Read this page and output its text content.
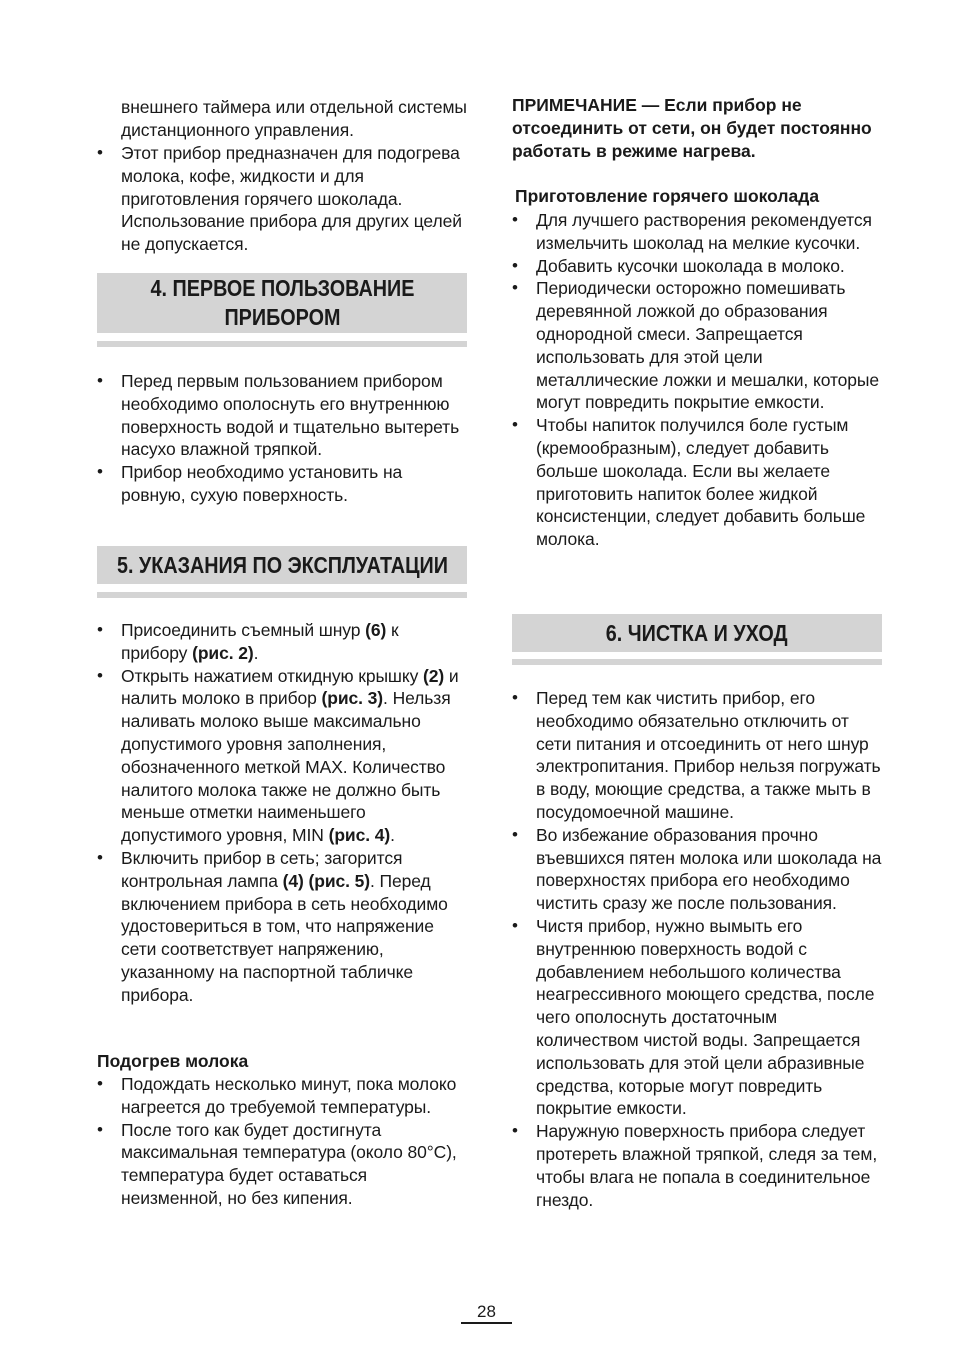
внешнего таймера или отдельной системы дистанционного управления.
• Этот прибор предназначен для подогрева молока, кофе, жидкости и для приготовления горячего шоколада. Использование прибора для других целей не допускается.
4. ПЕРВОЕ ПОЛЬЗОВАНИЕ
ПРИБОРОМ
• Перед первым пользованием прибором необходимо ополоснуть его внутреннюю поверхность водой и тщательно вытереть насухо влажной тряпкой.
• Прибор необходимо установить на ровную, сухую поверхность.
5. УКАЗАНИЯ ПО ЭКСПЛУАТАЦИИ
• Присоединить съемный шнур (6) к прибору (рис. 2).
• Открыть нажатием откидную крышку (2) и налить молоко в прибор (рис. 3). Нельзя наливать молоко выше максимально допустимого уровня заполнения, обозначенного меткой MAX. Количество налитого молока также не должно быть меньше отметки наименьшего допустимого уровня, MIN (рис. 4).
• Включить прибор в сеть; загорится контрольная лампа (4) (рис. 5). Перед включением прибора в сеть необходимо удостовериться в том, что напряжение сети соответствует напряжению, указанному на паспортной табличке прибора.
Подогрев молока
• Подождать несколько минут, пока молоко нагреется до требуемой температуры.
• После того как будет достигнута максимальная температура (около 80°C), температура будет оставаться неизменной, но без кипения.
ПРИМЕЧАНИЕ — Если прибор не отсоединить от сети, он будет постоянно работать в режиме нагрева.
Приготовление горячего шоколада
• Для лучшего растворения рекомендуется измельчить шоколад на мелкие кусочки.
• Добавить кусочки шоколада в молоко.
• Периодически осторожно помешивать деревянной ложкой до образования однородной смеси. Запрещается использовать для этой цели металлические ложки и мешалки, которые могут повредить покрытие емкости.
• Чтобы напиток получился боле густым (кремообразным), следует добавить больше шоколада. Если вы желаете приготовить напиток более жидкой консистенции, следует добавить больше молока.
6. ЧИСТКА И УХОД
• Перед тем как чистить прибор, его необходимо обязательно отключить от сети питания и отсоединить от него шнур электропитания. Прибор нельзя погружать в воду, моющие средства, а также мыть в посудомоечной машине.
• Во избежание образования прочно въевшихся пятен молока или шоколада на поверхностях прибора его необходимо чистить сразу же после пользования.
• Чистя прибор, нужно вымыть его внутреннюю поверхность водой с добавлением небольшого количества неагрессивного моющего средства, после чего ополоснуть достаточным количеством чистой воды. Запрещается использовать для этой цели абразивные средства, которые могут повредить покрытие емкости.
• Наружную поверхность прибора следует протереть влажной тряпкой, следя за тем, чтобы влага не попала в соединительное гнездо.
28
